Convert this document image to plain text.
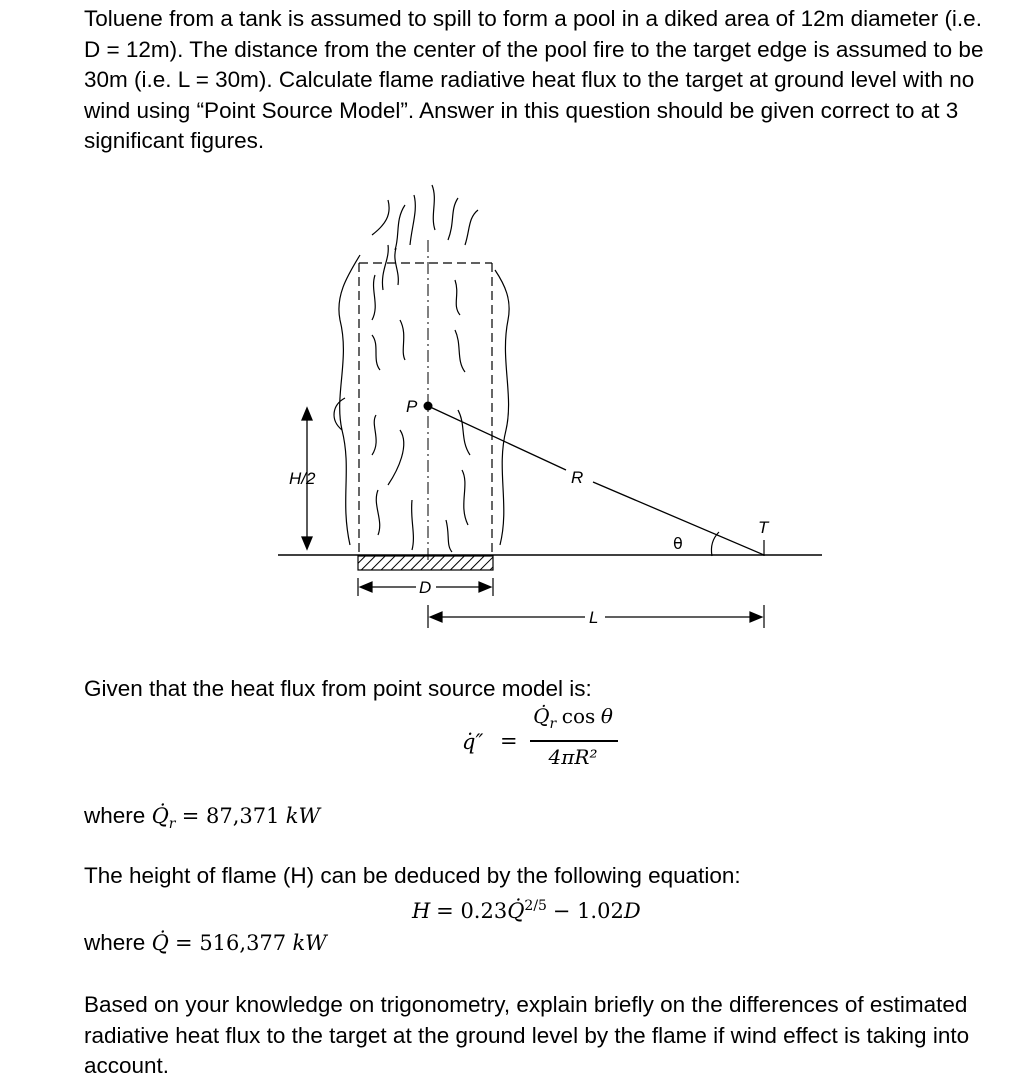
Toluene from a tank is assumed to spill to form a pool in a diked area of 12m diameter (i.e. D = 12m). The distance from the center of the pool fire to the target edge is assumed to be 30m (i.e. L = 30m). Calculate flame radiative heat flux to the target at ground level with no wind using “Point Source Model”. Answer in this question should be given correct to at 3 significant figures.

H/2
P
R
θ
T
D
L
Given that the heat flux from point source model is:
q̇″ =
$Q̇_r$ cos θ
4πR²
where $Q̇_r = 87,371$ kW
The height of flame (H) can be deduced by the following equation:
H = 0.23Q̇$^{2/5}$ − 1.02D
where Q̇ = 516,377 kW

Based on your knowledge on trigonometry, explain briefly on the differences of estimated radiative heat flux to the target at the ground level by the flame if wind effect is taking into account.
